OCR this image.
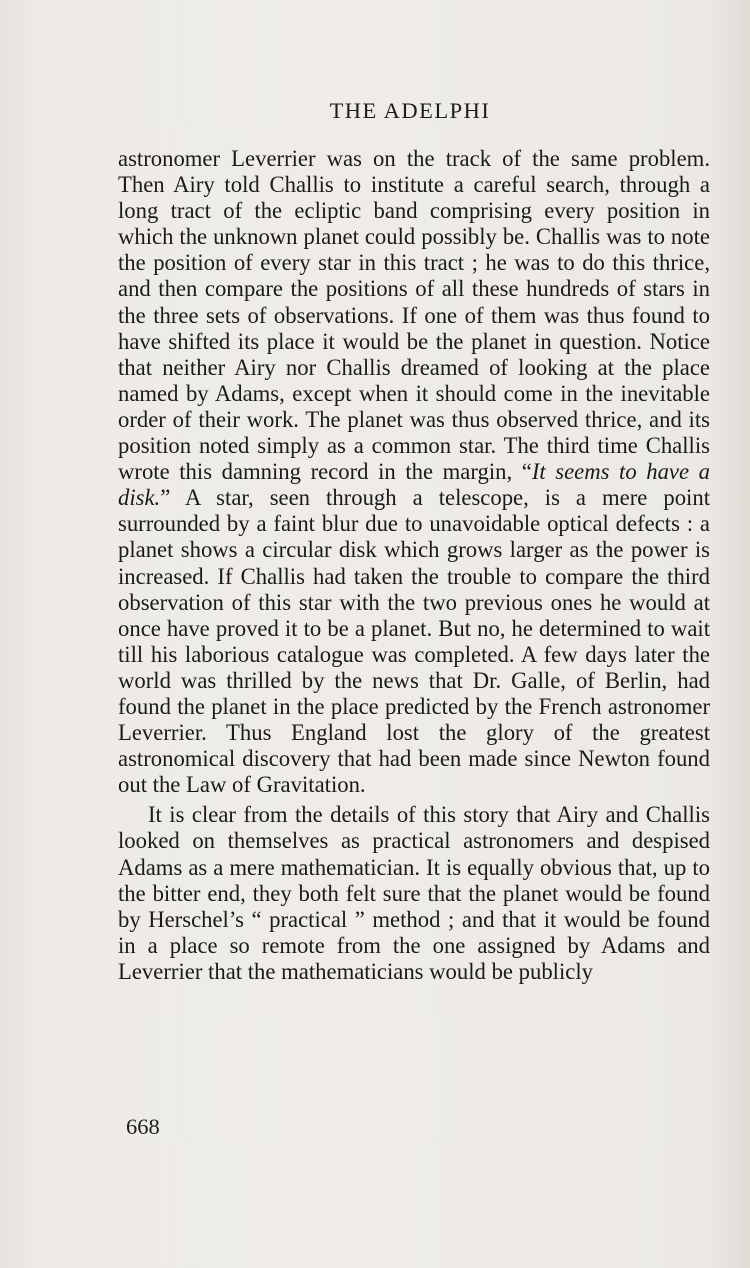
THE ADELPHI

astronomer Leverrier was on the track of the same problem. Then Airy told Challis to institute a careful search, through a long tract of the ecliptic band comprising every position in which the unknown planet could possibly be. Challis was to note the position of every star in this tract ; he was to do this thrice, and then compare the positions of all these hundreds of stars in the three sets of observations. If one of them was thus found to have shifted its place it would be the planet in question. Notice that neither Airy nor Challis dreamed of looking at the place named by Adams, except when it should come in the inevitable order of their work. The planet was thus observed thrice, and its position noted simply as a common star. The third time Challis wrote this damning record in the margin, “It seems to have a disk.” A star, seen through a telescope, is a mere point surrounded by a faint blur due to unavoidable optical defects : a planet shows a circular disk which grows larger as the power is increased. If Challis had taken the trouble to compare the third observation of this star with the two previous ones he would at once have proved it to be a planet. But no, he determined to wait till his laborious catalogue was completed. A few days later the world was thrilled by the news that Dr. Galle, of Berlin, had found the planet in the place predicted by the French astronomer Leverrier. Thus England lost the glory of the greatest astronomical discovery that had been made since Newton found out the Law of Gravitation.

It is clear from the details of this story that Airy and Challis looked on themselves as practical astronomers and despised Adams as a mere mathematician. It is equally obvious that, up to the bitter end, they both felt sure that the planet would be found by Herschel’s “ practical ” method ; and that it would be found in a place so remote from the one assigned by Adams and Leverrier that the mathematicians would be publicly

668
